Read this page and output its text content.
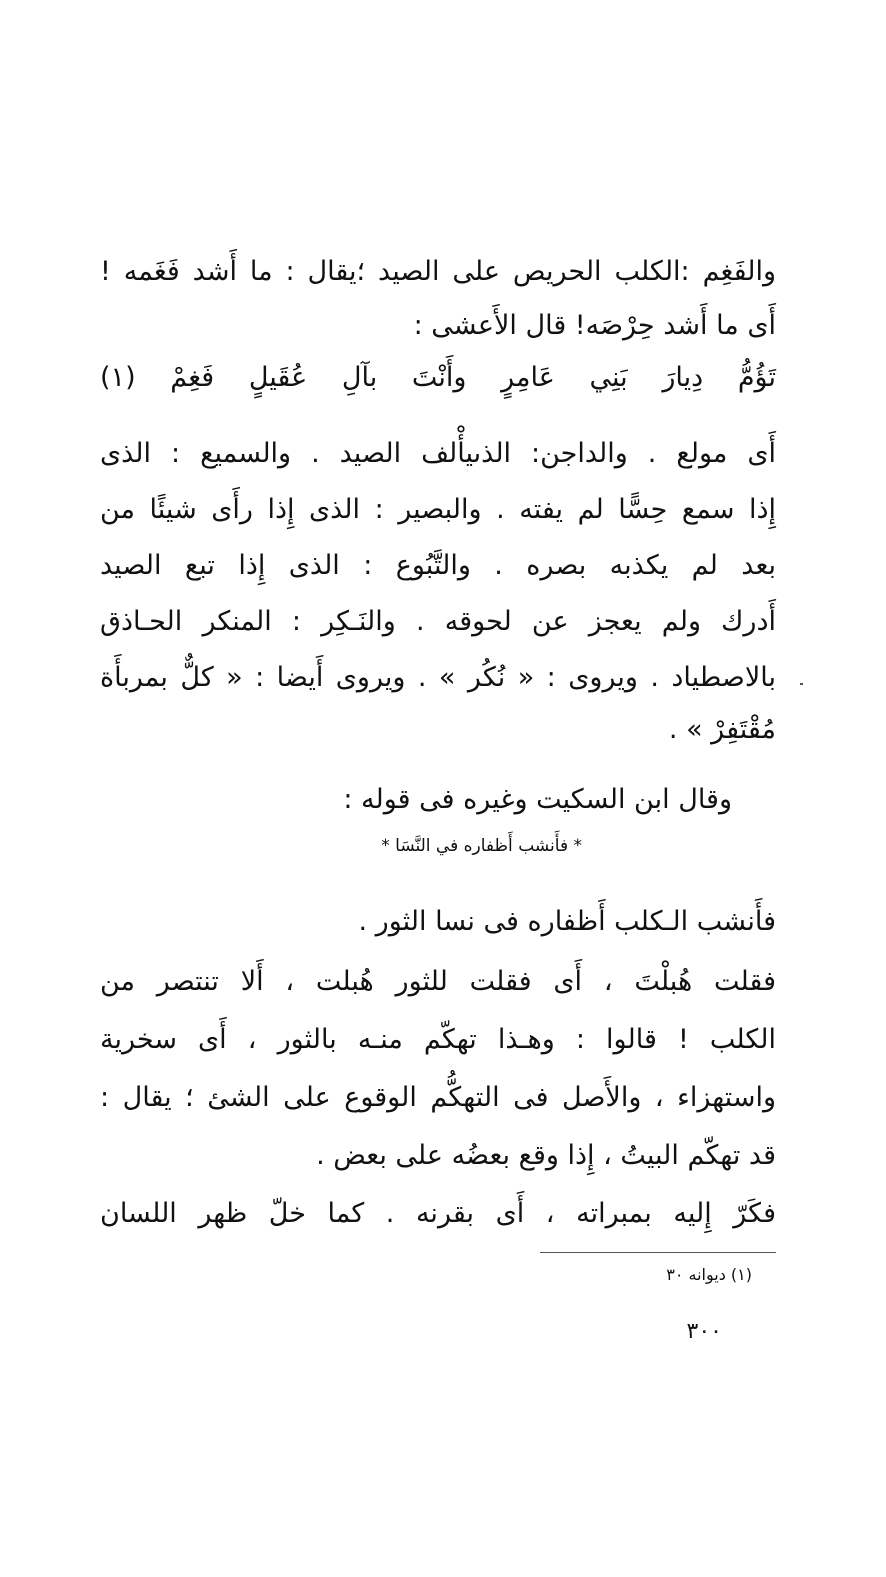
والفَغِم :الكلب الحريص على الصيد ؛يقال : ما أَشد فَغَمه !
أَى ما أَشد حِرْصَه! قال الأَعشى :
تَؤُمُّ دِيارَ بَنِي عَامِرٍ وأَنْتَ بآلِ عُقَيلٍ فَغِمْ (١)
أَى مولع . والداجن: الذىيأْلف الصيد . والسميع : الذى
إِذا سمع حِسًّا لم يفته . والبصير : الذى إِذا رأَى شيئًا من
بعد لم يكذبه بصره . والتَّبُوع : الذى إِذا تبع الصيد
أَدرك ولم يعجز عن لحوقه . والنَـكِر : المنكر الحـاذق
بالاصطياد . ويروى : « نُكُر » . ويروى أَيضا : « كلٌّ بمربأَة
مُقْتَفِرْ » .
وقال ابن السكيت وغيره فى قوله :
* فأَنشب أَظفاره في النَّسَا *
فأَنشب الـكلب أَظفاره فى نسا الثور .
فقلت هُبلْتَ ، أَى فقلت للثور هُبلت ، أَلا تنتصر من
الكلب ! قالوا : وهـذا تهكّم منـه بالثور ، أَى سخرية
واستهزاء ، والأَصل فى التهكُّم الوقوع على الشئ ؛ يقال :
قد تهكّم البيتُ ، إِذا وقع بعضُه على بعض .
فكَرّ إِليه بمبراته ، أَى بقرنه . كما خلّ ظهر اللسان
(١) ديوانه ٣٠
٣٠٠
